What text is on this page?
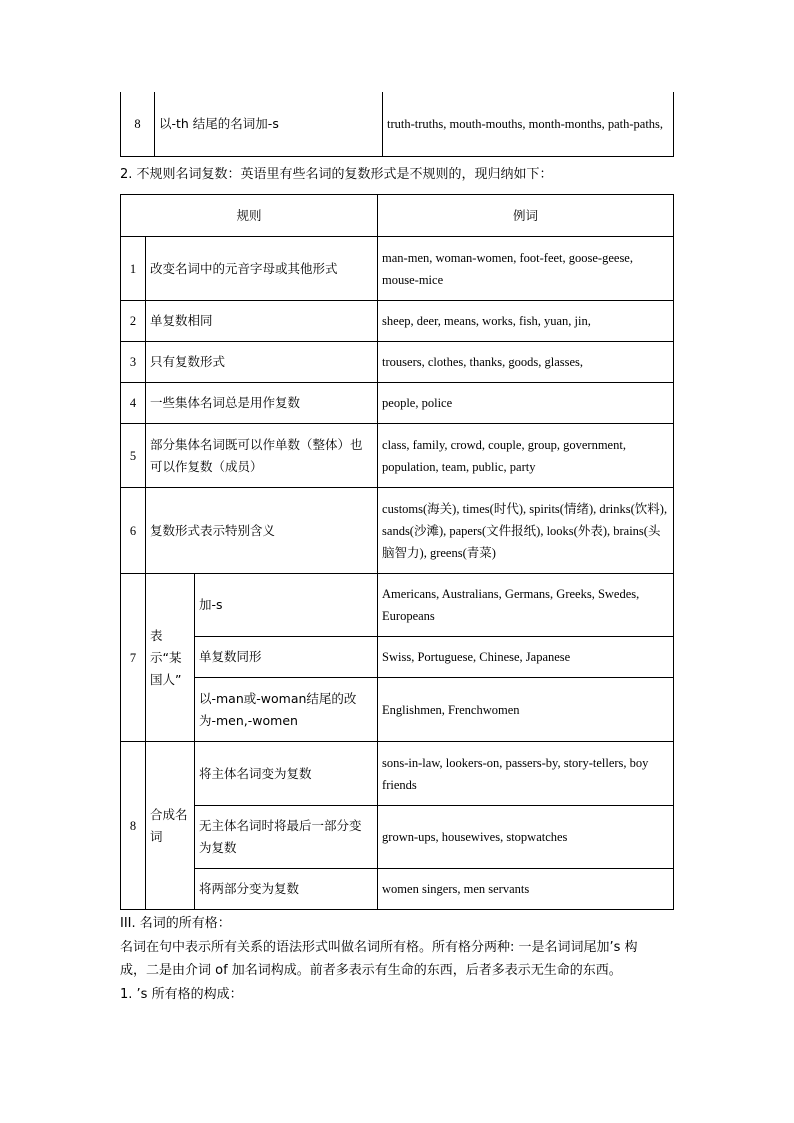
8	以-th 结尾的名词加-s	truth-truths, mouth-mouths, month-months, path-paths,
2. 不规则名词复数：英语里有些名词的复数形式是不规则的，现归纳如下：
规则			例词
1	改变名词中的元音字母或其他形式		man-men, woman-women, foot-feet, goose-geese, mouse-mice
2	单复数相同		sheep, deer, means, works, fish, yuan, jin,
3	只有复数形式		trousers, clothes, thanks, goods, glasses,
4	一些集体名词总是用作复数		people, police
5	部分集体名词既可以作单数（整体）也可以作复数（成员）		class, family, crowd, couple, group, government, population, team, public, party
6	复数形式表示特别含义		customs(海关), times(时代), spirits(情绪), drinks(饮料), sands(沙滩), papers(文件报纸), looks(外表), brains(头脑智力), greens(青菜)
7	表示“某国人”	加-s	Americans, Australians, Germans, Greeks, Swedes, Europeans
		单复数同形	Swiss, Portuguese, Chinese, Japanese
		以-man或-woman结尾的改为-men,-women	Englishmen, Frenchwomen
8	合成名词	将主体名词变为复数	sons-in-law, lookers-on, passers-by, story-tellers, boy friends
		无主体名词时将最后一部分变为复数	grown-ups, housewives, stopwatches
		将两部分变为复数	women singers, men servants
III. 名词的所有格：
名词在句中表示所有关系的语法形式叫做名词所有格。所有格分两种: 一是名词词尾加’s 构
成，二是由介词 of 加名词构成。前者多表示有生命的东西，后者多表示无生命的东西。
1. ’s 所有格的构成：
